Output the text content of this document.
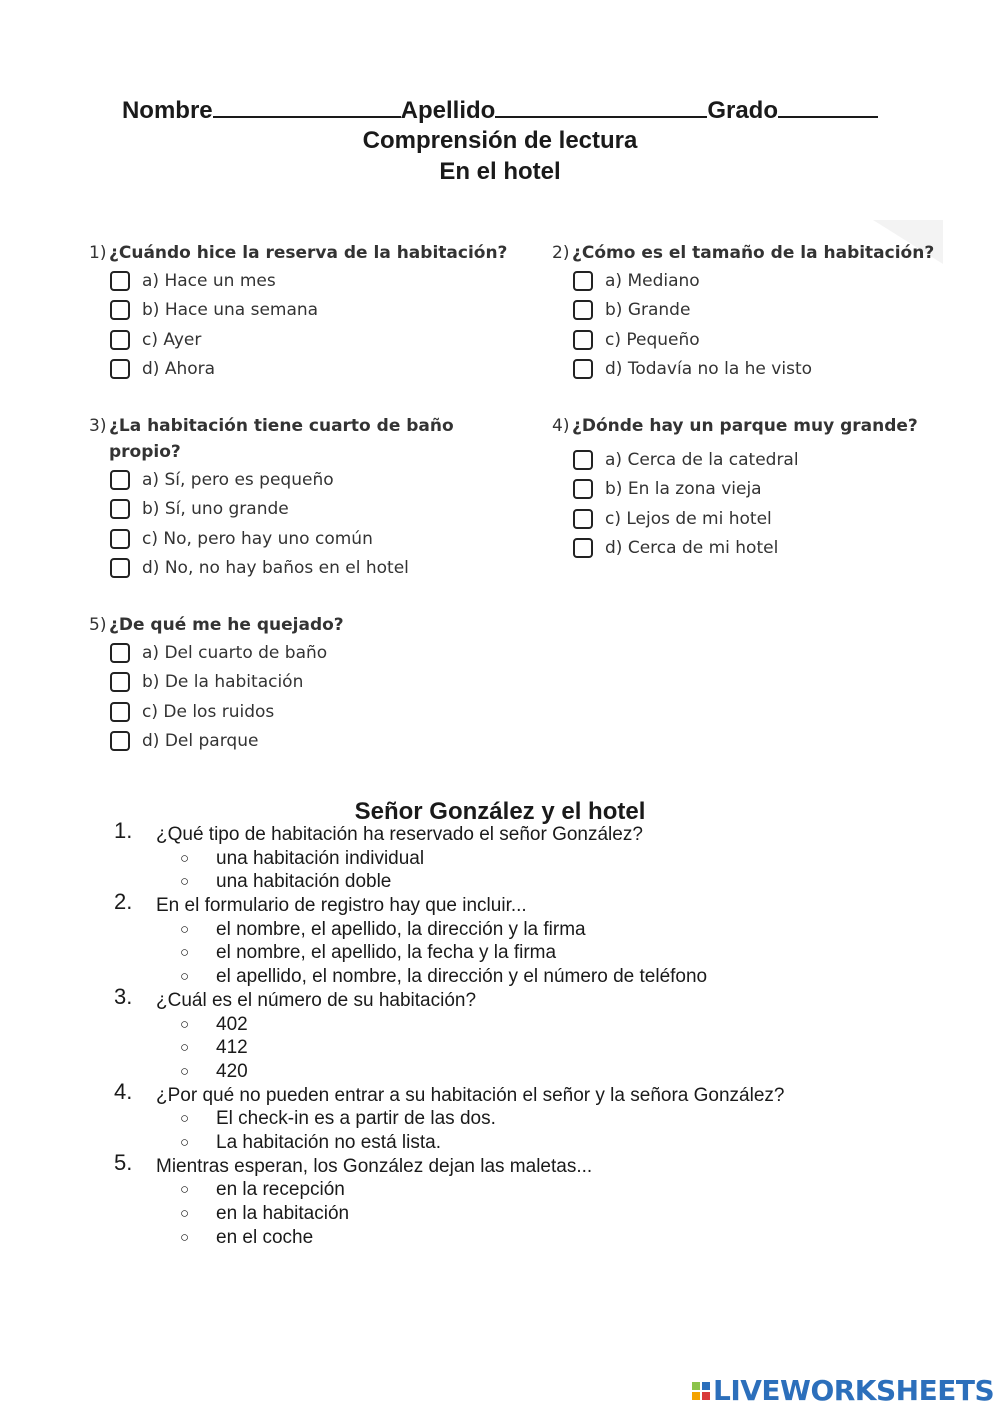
Nombre	Apellido	Grado
Comprensión de lectura
En el hotel
1) ¿Cuándo hice la reserva de la habitación?
a) Hace un mes
b) Hace una semana
c) Ayer
d) Ahora
2) ¿Cómo es el tamaño de la habitación?
a) Mediano
b) Grande
c) Pequeño
d) Todavía no la he visto
3) ¿La habitación tiene cuarto de baño
propio?
a) Sí, pero es pequeño
b) Sí, uno grande
c) No, pero hay uno común
d) No, no hay baños en el hotel
4) ¿Dónde hay un parque muy grande?
a) Cerca de la catedral
b) En la zona vieja
c) Lejos de mi hotel
d) Cerca de mi hotel
5) ¿De qué me he quejado?
a) Del cuarto de baño
b) De la habitación
c) De los ruidos
d) Del parque
Señor González y el hotel
1. ¿Qué tipo de habitación ha reservado el señor González?
○ una habitación individual
○ una habitación doble
2. En el formulario de registro hay que incluir...
○ el nombre, el apellido, la dirección y la firma
○ el nombre, el apellido, la fecha y la firma
○ el apellido, el nombre, la dirección y el número de teléfono
3. ¿Cuál es el número de su habitación?
○ 402
○ 412
○ 420
4. ¿Por qué no pueden entrar a su habitación el señor y la señora González?
○ El check-in es a partir de las dos.
○ La habitación no está lista.
5. Mientras esperan, los González dejan las maletas...
○ en la recepción
○ en la habitación
○ en el coche
LIVEWORKSHEETS
